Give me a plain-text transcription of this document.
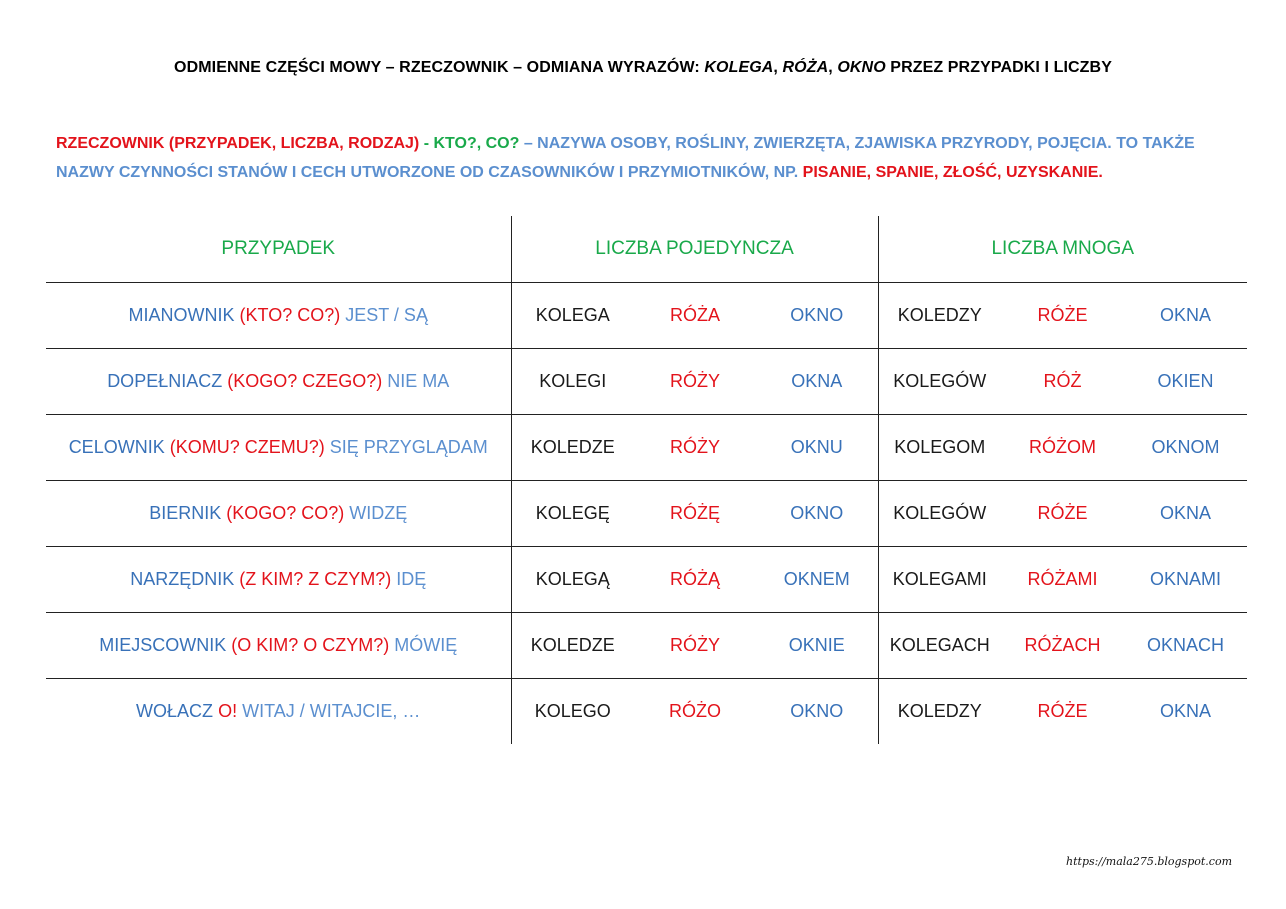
ODMIENNE CZĘŚCI MOWY – RZECZOWNIK – ODMIANA WYRAZÓW: KOLEGA, RÓŻA, OKNO PRZEZ PRZYPADKI I LICZBY
RZECZOWNIK (PRZYPADEK, LICZBA, RODZAJ) - KTO?, CO? – NAZYWA OSOBY, ROŚLINY, ZWIERZĘTA, ZJAWISKA PRZYRODY, POJĘCIA. TO TAKŻE NAZWY CZYNNOŚCI STANÓW I CECH UTWORZONE OD CZASOWNIKÓW I PRZYMIOTNIKÓW, NP. PISANIE, SPANIE, ZŁOŚĆ, UZYSKANIE.
PRZYPADEK	LICZBA POJEDYNCZA			LICZBA MNOGA		
MIANOWNIK (KTO? CO?) JEST / SĄ	KOLEGA	RÓŻA	OKNO	KOLEDZY	RÓŻE	OKNA
DOPEŁNIACZ (KOGO? CZEGO?) NIE MA	KOLEGI	RÓŻY	OKNA	KOLEGÓW	RÓŻ	OKIEN
CELOWNIK (KOMU? CZEMU?) SIĘ PRZYGLĄDAM	KOLEDZE	RÓŻY	OKNU	KOLEGOM	RÓŻOM	OKNOM
BIERNIK (KOGO? CO?) WIDZĘ	KOLEGĘ	RÓŻĘ	OKNO	KOLEGÓW	RÓŻE	OKNA
NARZĘDNIK (Z KIM? Z CZYM?) IDĘ	KOLEGĄ	RÓŻĄ	OKNEM	KOLEGAMI	RÓŻAMI	OKNAMI
MIEJSCOWNIK (O KIM? O CZYM?) MÓWIĘ	KOLEDZE	RÓŻY	OKNIE	KOLEGACH	RÓŻACH	OKNACH
WOŁACZ O! WITAJ / WITAJCIE, …	KOLEGO	RÓŻO	OKNO	KOLEDZY	RÓŻE	OKNA
https://mala275.blogspot.com
